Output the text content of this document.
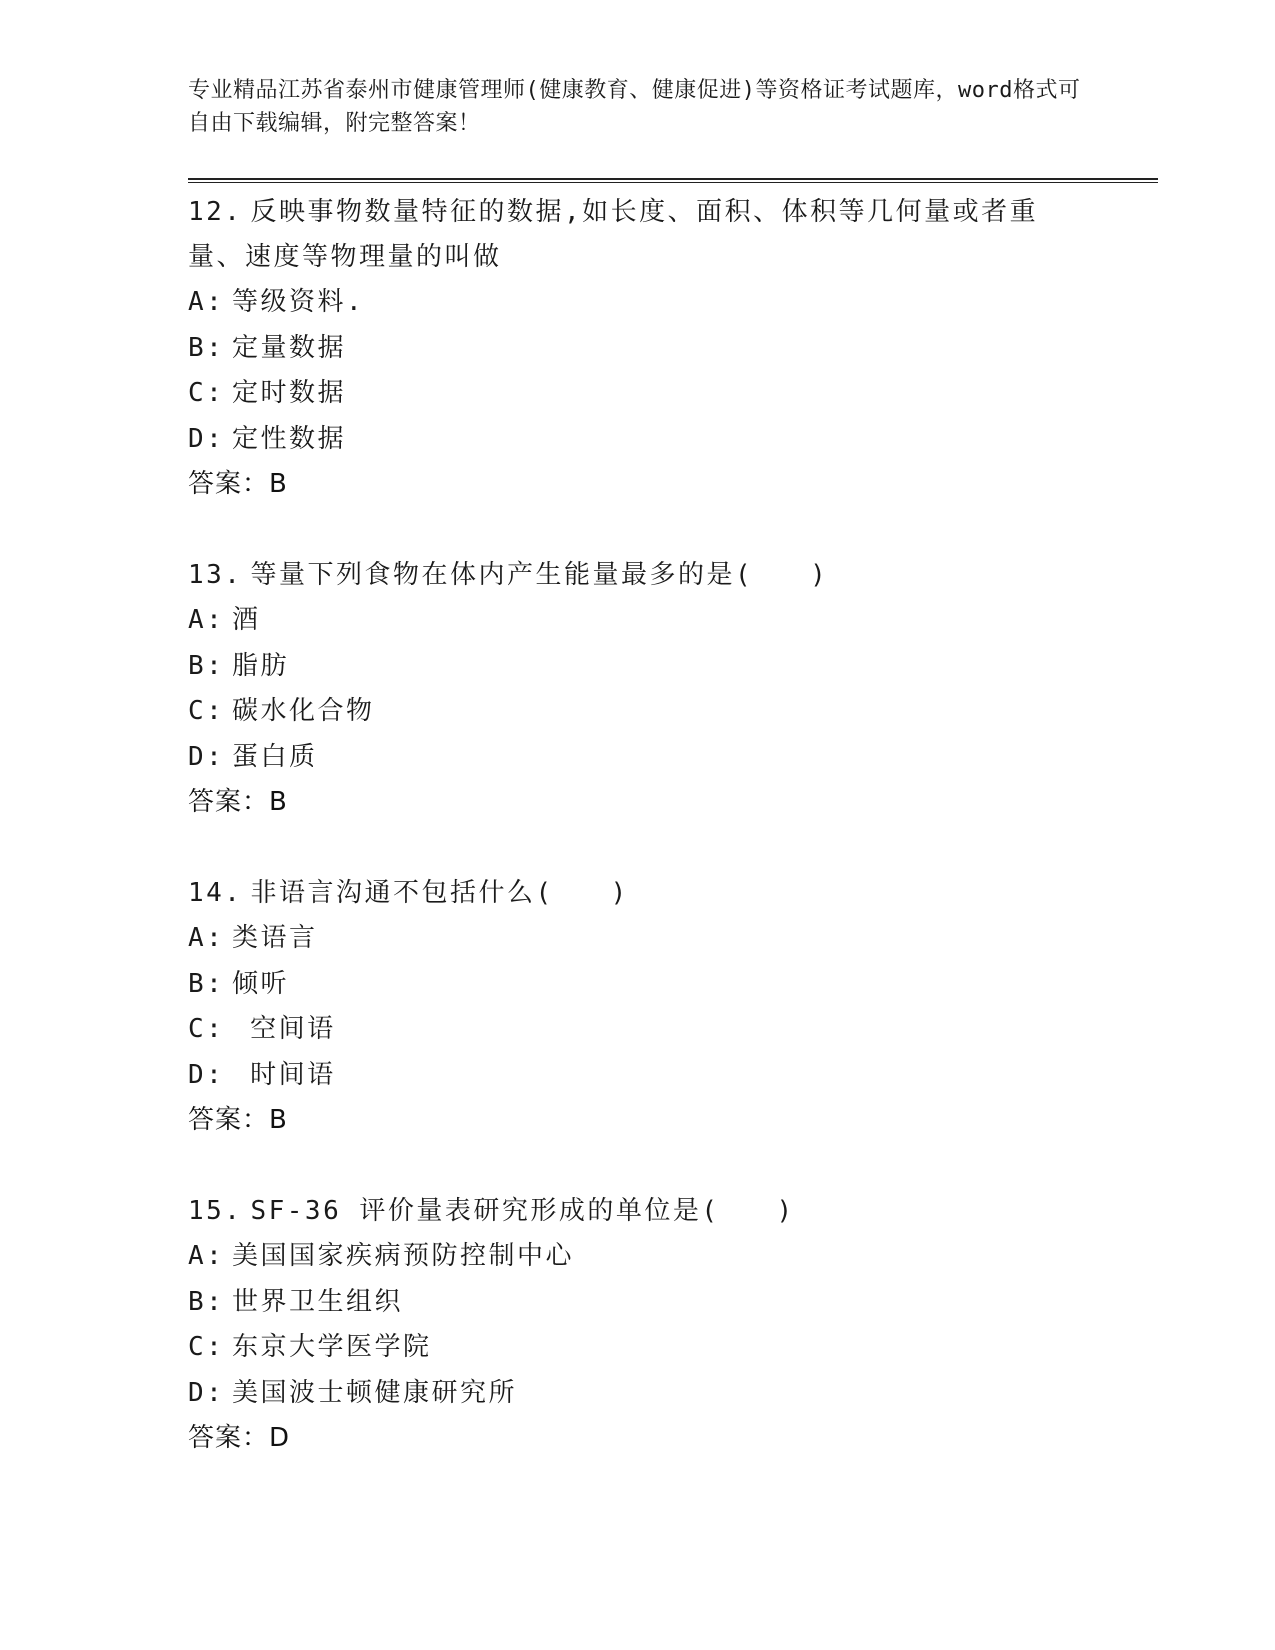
专业精品江苏省泰州市健康管理师(健康教育、健康促进)等资格证考试题库，word格式可自由下载编辑，附完整答案！
12. 反映事物数量特征的数据,如长度、面积、体积等几何量或者重量、速度等物理量的叫做
A: 等级资料.
B: 定量数据
C: 定时数据
D: 定性数据
答案：B
13. 等量下列食物在体内产生能量最多的是(　　)
A: 酒
B: 脂肪
C: 碳水化合物
D: 蛋白质
答案：B
14. 非语言沟通不包括什么(　　)
A: 类语言
B: 倾听
C: 空间语
D: 时间语
答案：B
15. SF-36 评价量表研究形成的单位是(　　)
A: 美国国家疾病预防控制中心
B: 世界卫生组织
C: 东京大学医学院
D: 美国波士顿健康研究所
答案：D
